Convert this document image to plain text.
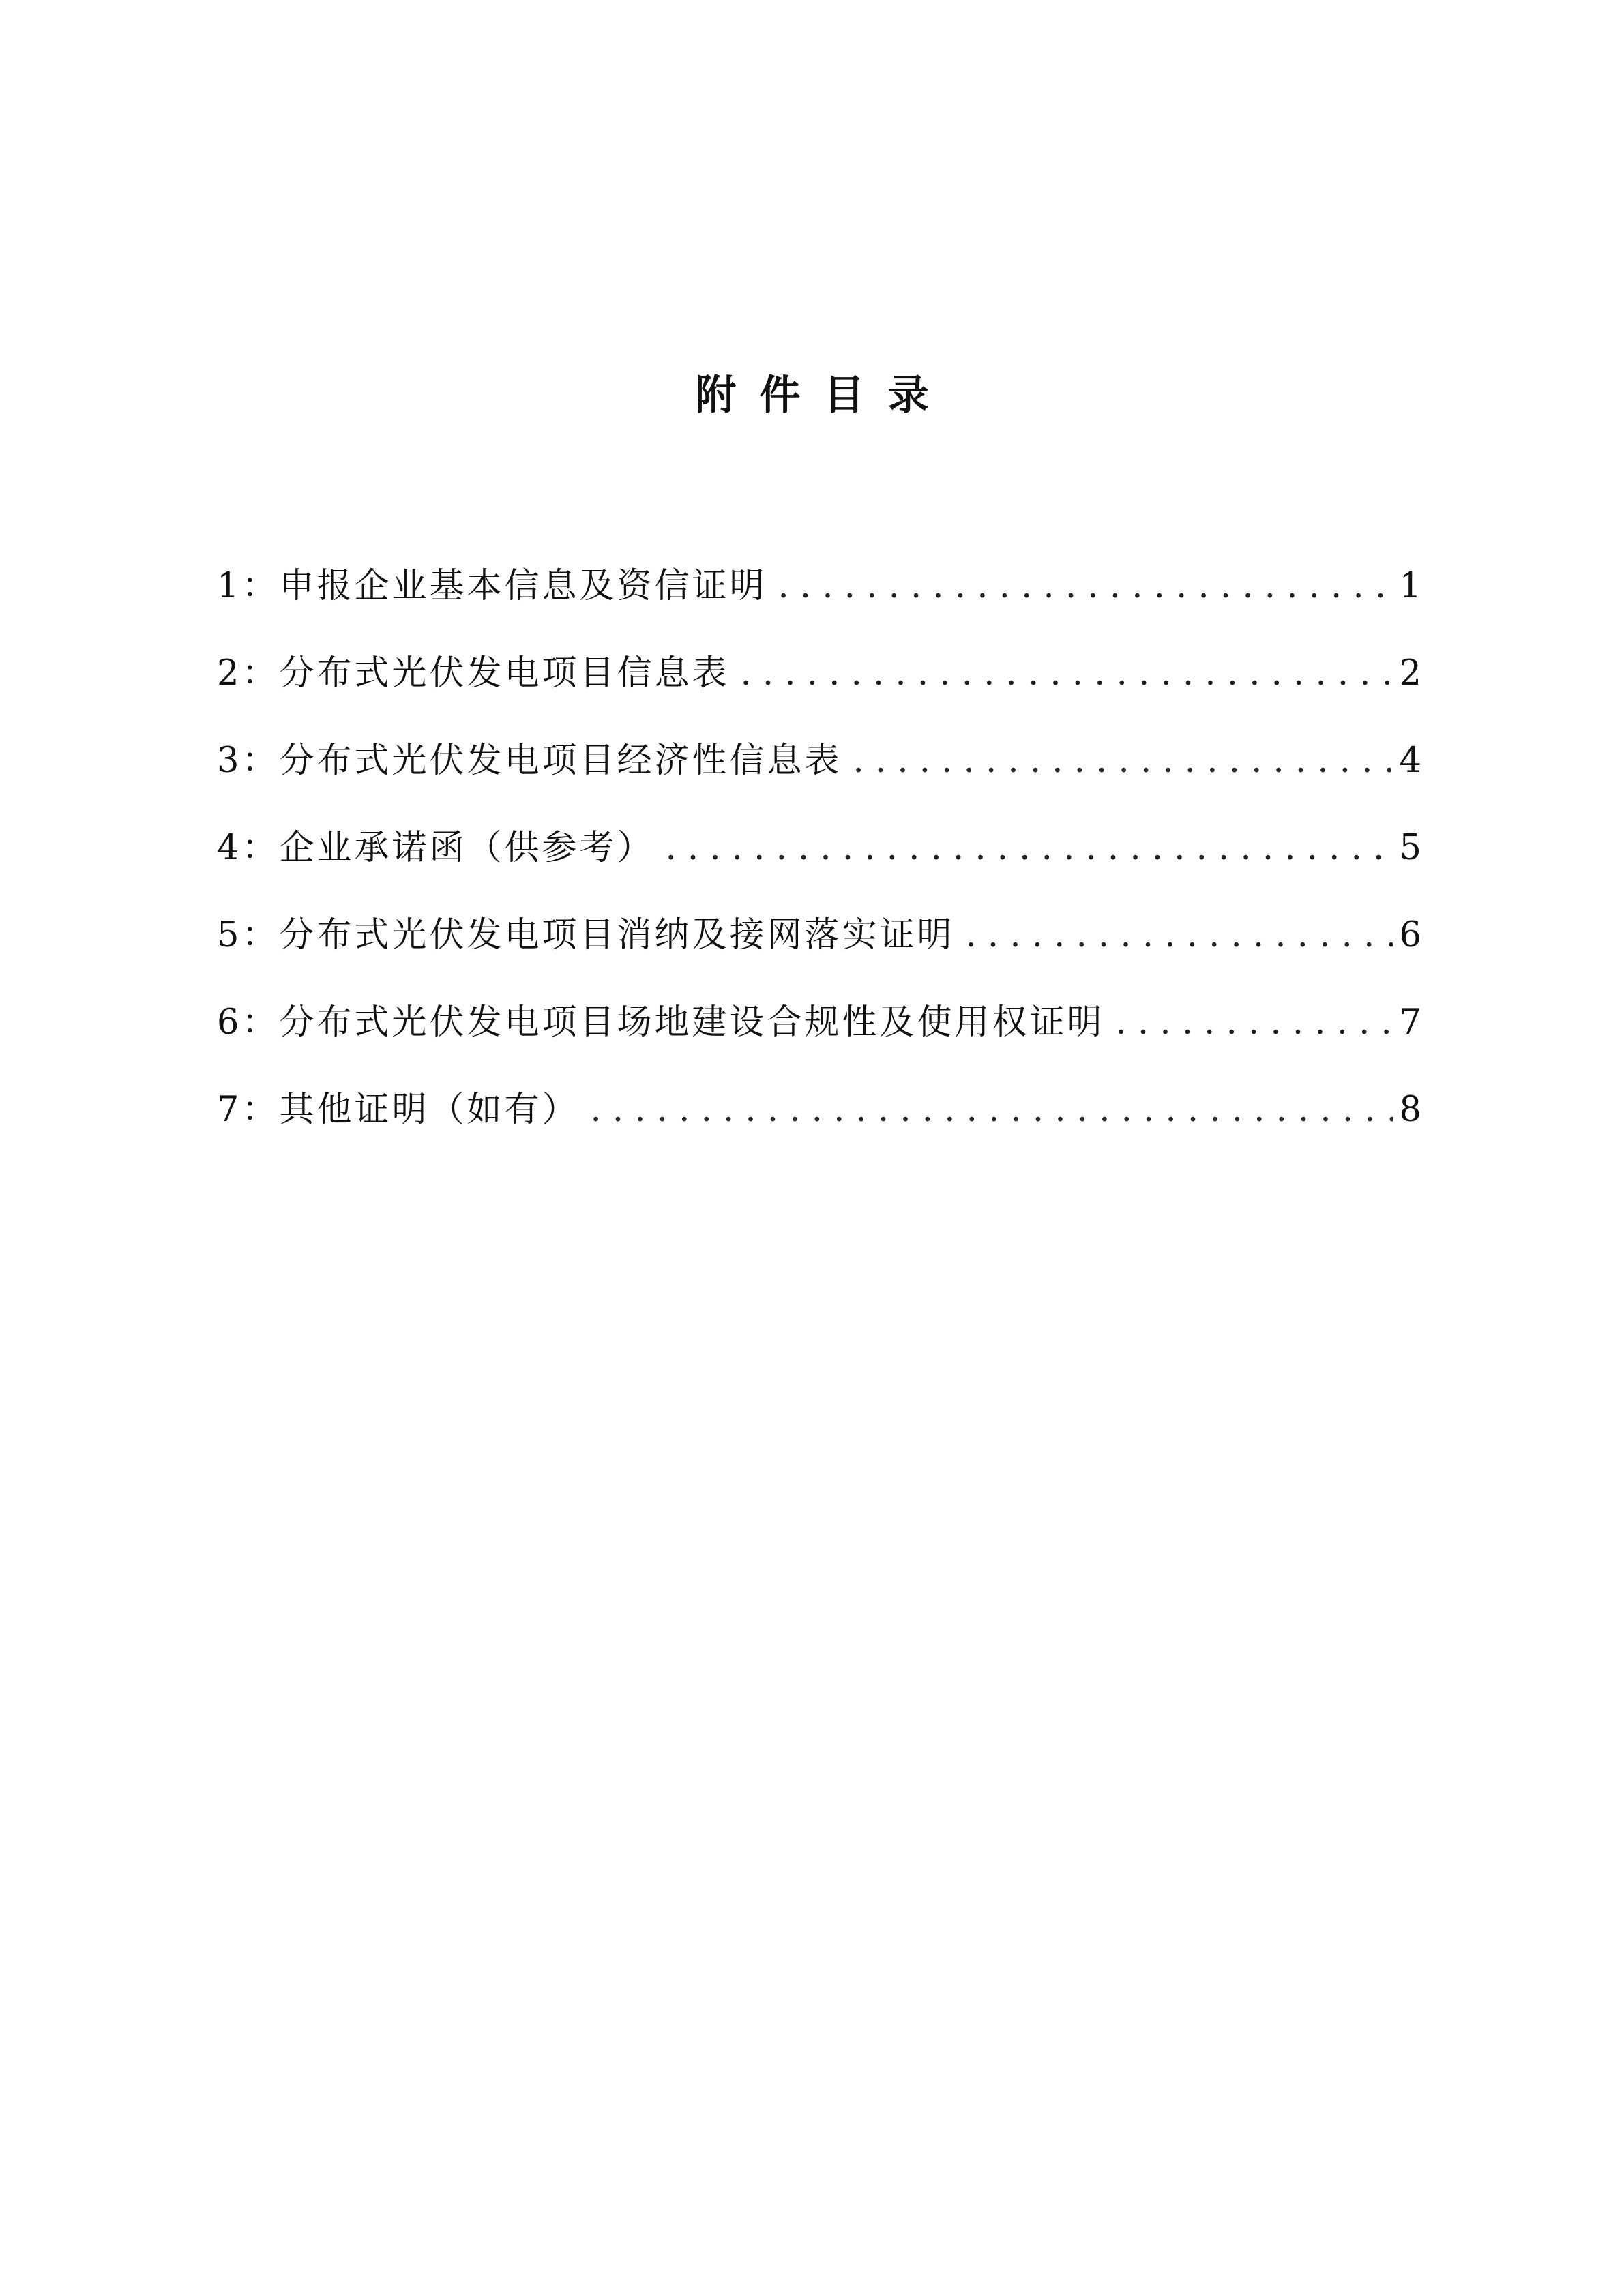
附件目录
1： 申报企业基本信息及资信证明 . . .	1
2： 分布式光伏发电项目信息表 . . .	2
3： 分布式光伏发电项目经济性信息表 . . .	4
4： 企业承诺函（供参考） . . .	5
5： 分布式光伏发电项目消纳及接网落实证明 . . .	6
6： 分布式光伏发电项目场地建设合规性及使用权证明 . . .	7
7： 其他证明（如有） . . .	8
